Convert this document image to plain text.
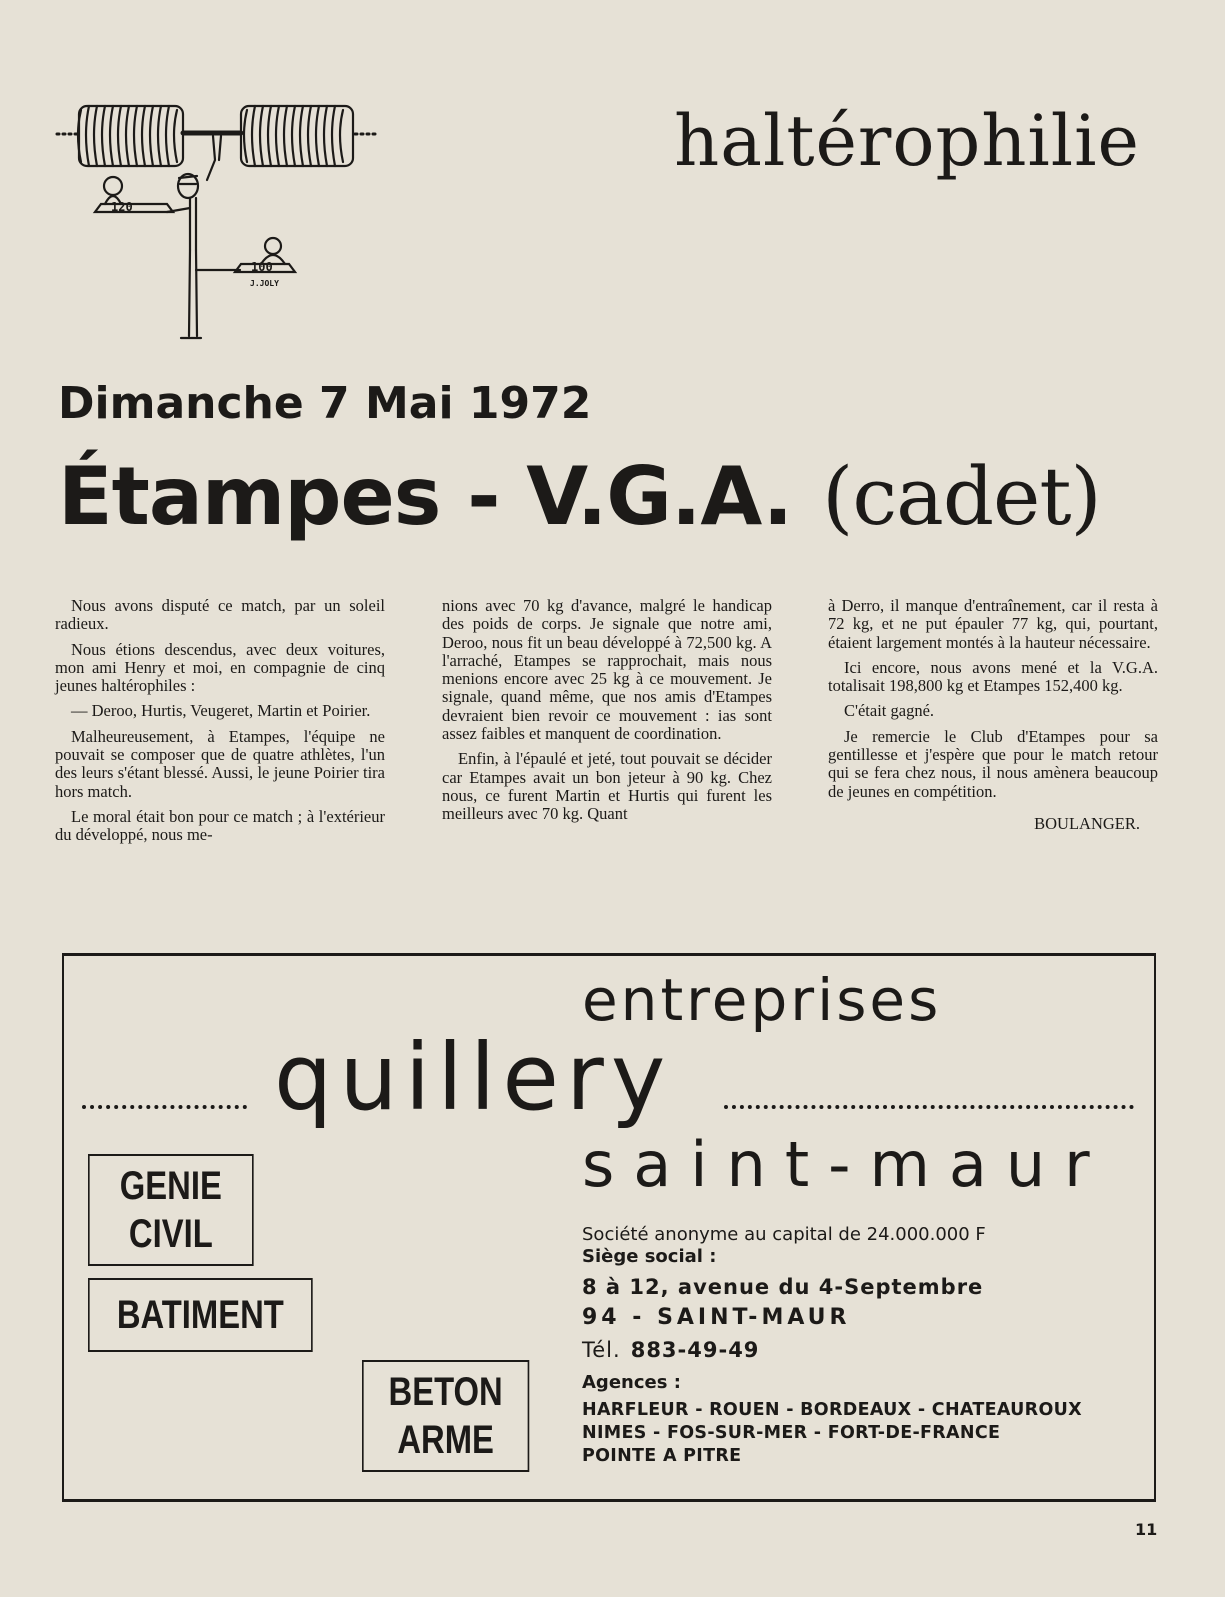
120
100
J.JOLY
haltérophilie
Dimanche 7 Mai 1972
Étampes - V.G.A. (cadet)

Nous avons disputé ce match, par un soleil radieux.

Nous étions descendus, avec deux voitures, mon ami Henry et moi, en compagnie de cinq jeunes haltérophiles :

— Deroo, Hurtis, Veugeret, Martin et Poirier.

Malheureusement, à Etampes, l'équipe ne pouvait se composer que de quatre athlètes, l'un des leurs s'étant blessé. Aussi, le jeune Poirier tira hors match.

Le moral était bon pour ce match ; à l'extérieur du développé, nous me-

nions avec 70 kg d'avance, malgré le handicap des poids de corps. Je signale que notre ami, Deroo, nous fit un beau développé à 72,500 kg. A l'arraché, Etampes se rapprochait, mais nous menions encore avec 25 kg à ce mouvement. Je signale, quand même, que nos amis d'Etampes devraient bien revoir ce mouvement : ias sont assez faibles et manquent de coordination.

Enfin, à l'épaulé et jeté, tout pouvait se décider car Etampes avait un bon jeteur à 90 kg. Chez nous, ce furent Martin et Hurtis qui furent les meilleurs avec 70 kg. Quant

à Derro, il manque d'entraînement, car il resta à 72 kg, et ne put épauler 77 kg, qui, pourtant, étaient largement montés à la hauteur nécessaire.

Ici encore, nous avons mené et la V.G.A. totalisait 198,800 kg et Etampes 152,400 kg.

C'était gagné.

Je remercie le Club d'Etampes pour sa gentillesse et j'espère que pour le match retour qui se fera chez nous, il nous amènera beaucoup de jeunes en compétition.

BOULANGER.

entreprises
quillery
saint-maur
GENIE CIVIL
BATIMENT
BETON ARME

Société anonyme au capital de 24.000.000 F

Siège social :

8 à 12, avenue du 4-Septembre

94 - SAINT-MAUR

Tél. 883-49-49

Agences :

HARFLEUR - ROUEN - BORDEAUX - CHATEAUROUX

NIMES - FOS-SUR-MER - FORT-DE-FRANCE

POINTE A PITRE

11
